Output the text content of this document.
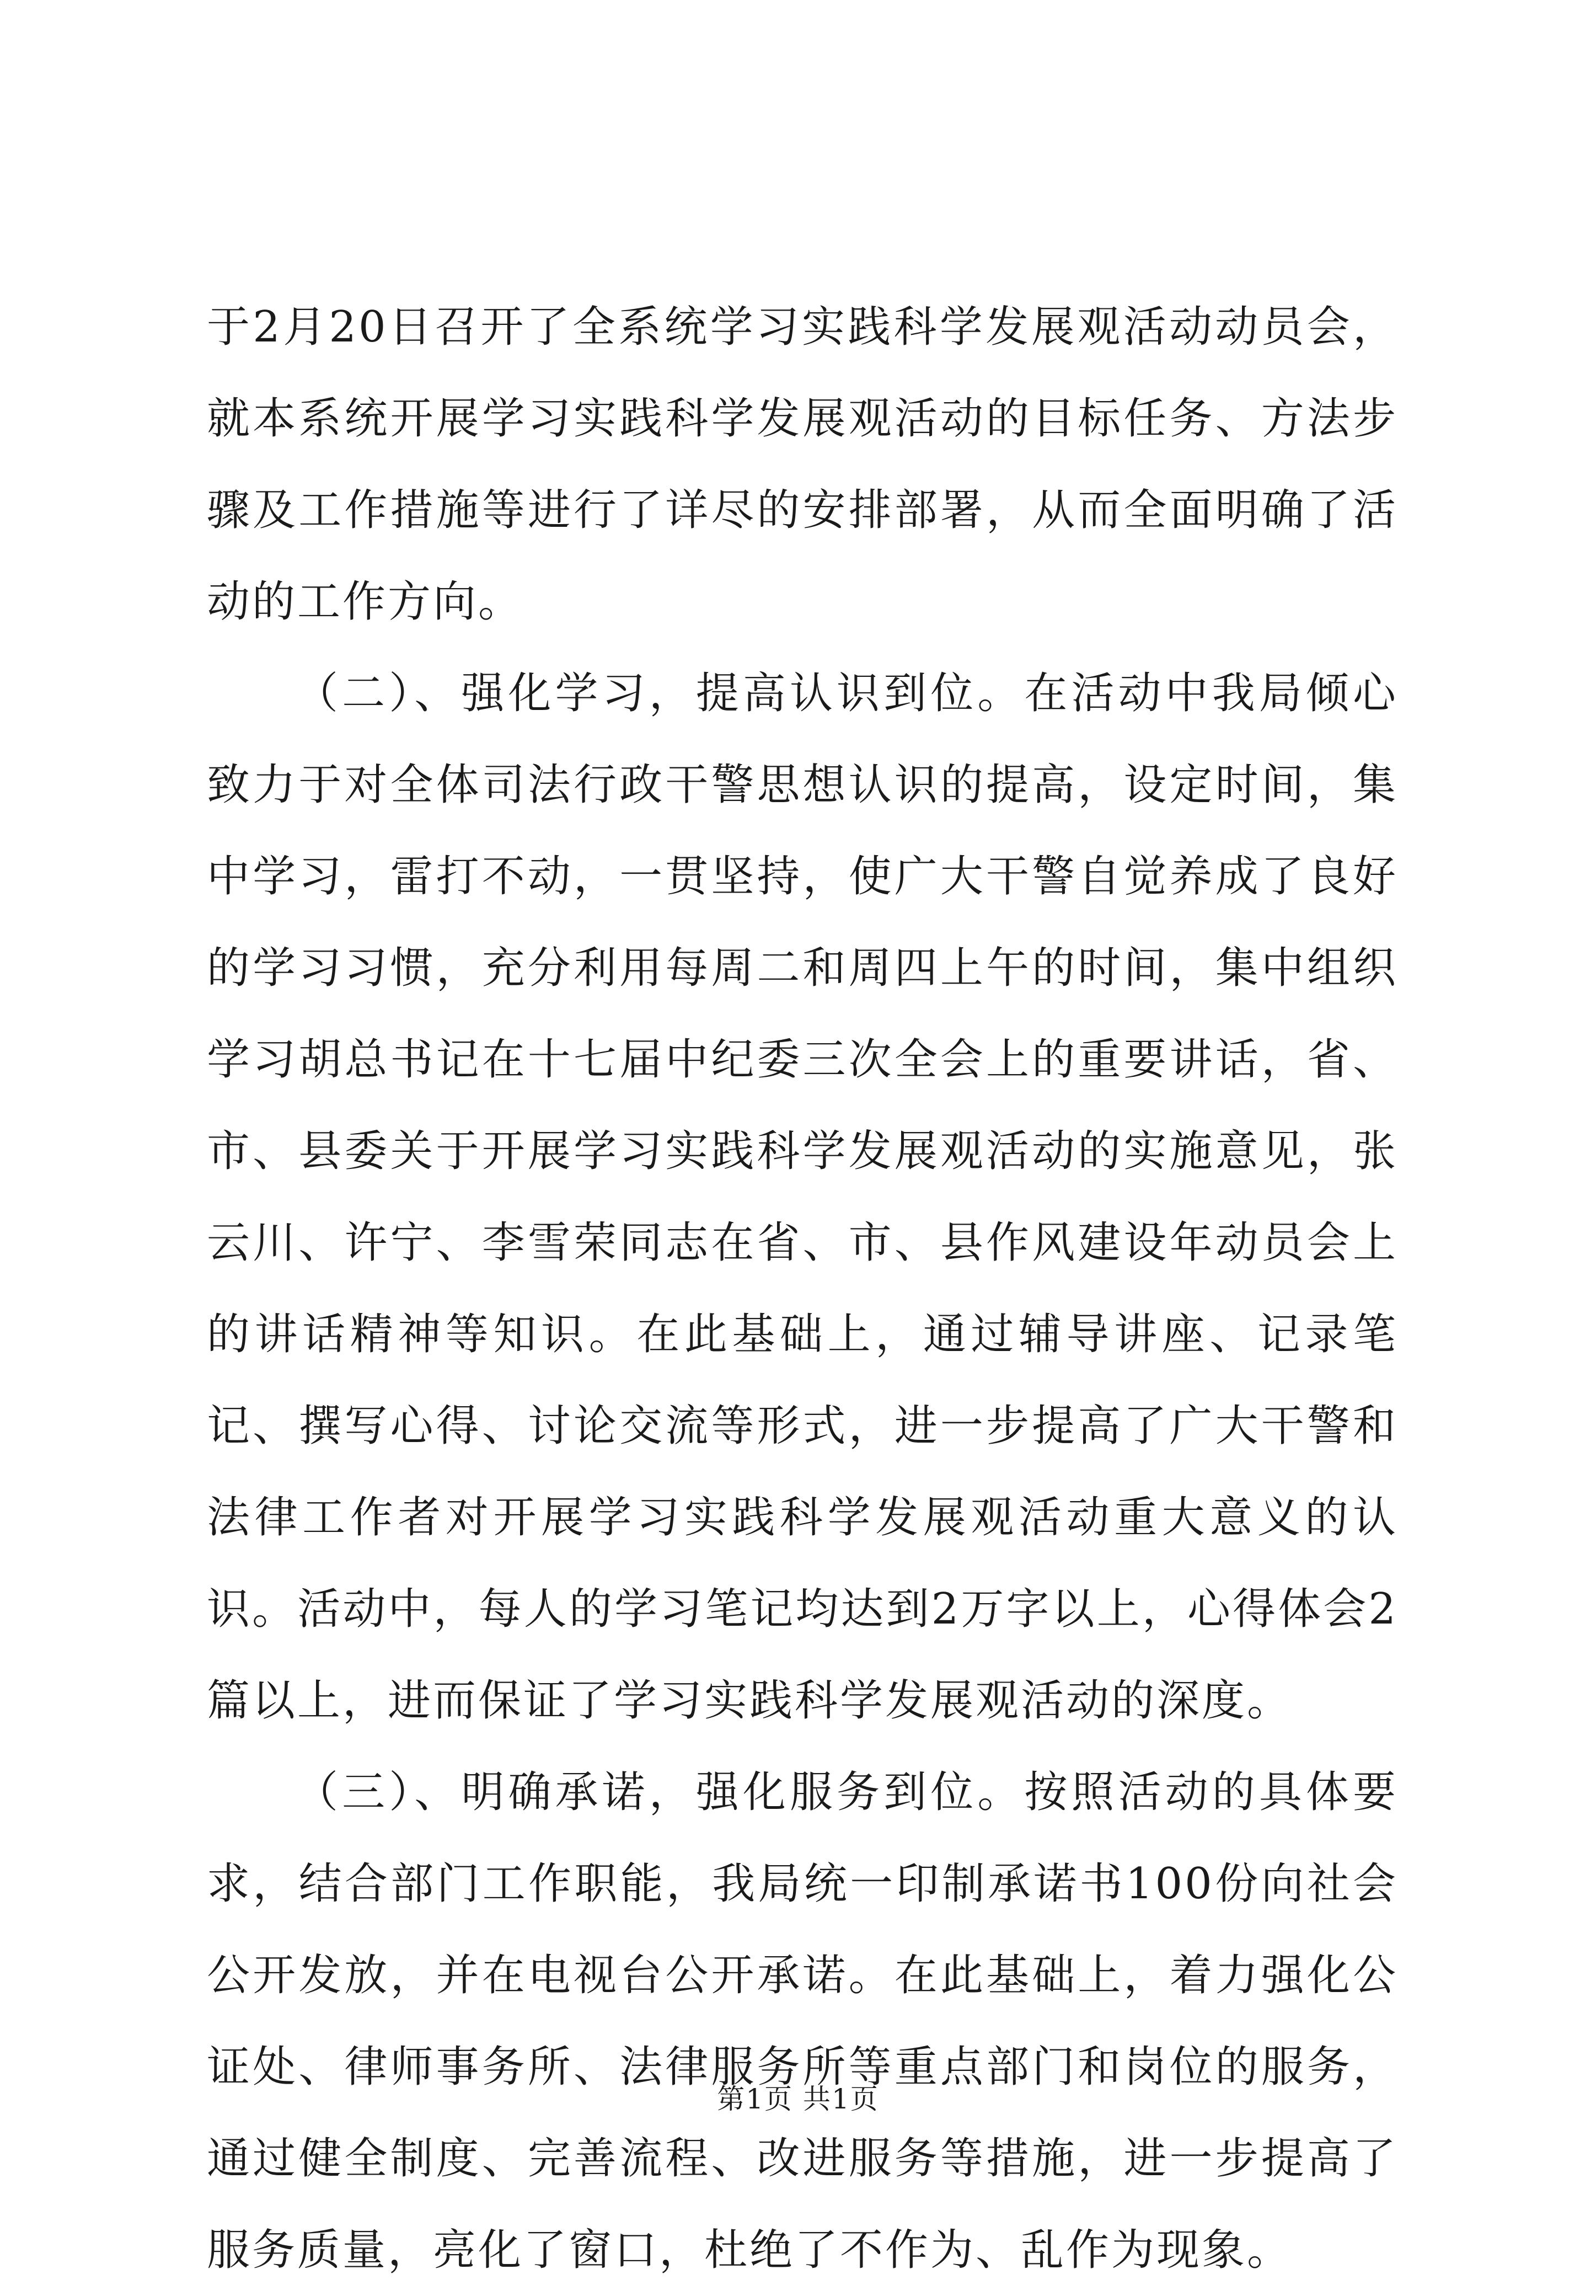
于2月20日召开了全系统学习实践科学发展观活动动员会，就本系统开展学习实践科学发展观活动的目标任务、方法步骤及工作措施等进行了详尽的安排部署，从而全面明确了活动的工作方向。

（二）、强化学习，提高认识到位。在活动中我局倾心致力于对全体司法行政干警思想认识的提高，设定时间，集中学习，雷打不动，一贯坚持，使广大干警自觉养成了良好的学习习惯，充分利用每周二和周四上午的时间，集中组织学习胡总书记在十七届中纪委三次全会上的重要讲话，省、市、县委关于开展学习实践科学发展观活动的实施意见，张云川、许宁、李雪荣同志在省、市、县作风建设年动员会上的讲话精神等知识。在此基础上，通过辅导讲座、记录笔记、撰写心得、讨论交流等形式，进一步提高了广大干警和法律工作者对开展学习实践科学发展观活动重大意义的认识。活动中，每人的学习笔记均达到2万字以上，心得体会2篇以上，进而保证了学习实践科学发展观活动的深度。

（三）、明确承诺，强化服务到位。按照活动的具体要求，结合部门工作职能，我局统一印制承诺书100份向社会公开发放，并在电视台公开承诺。在此基础上，着力强化公证处、律师事务所、法律服务所等重点部门和岗位的服务，通过健全制度、完善流程、改进服务等措施，进一步提高了服务质量，亮化了窗口，杜绝了不作为、乱作为现象。

第1页 共1页
